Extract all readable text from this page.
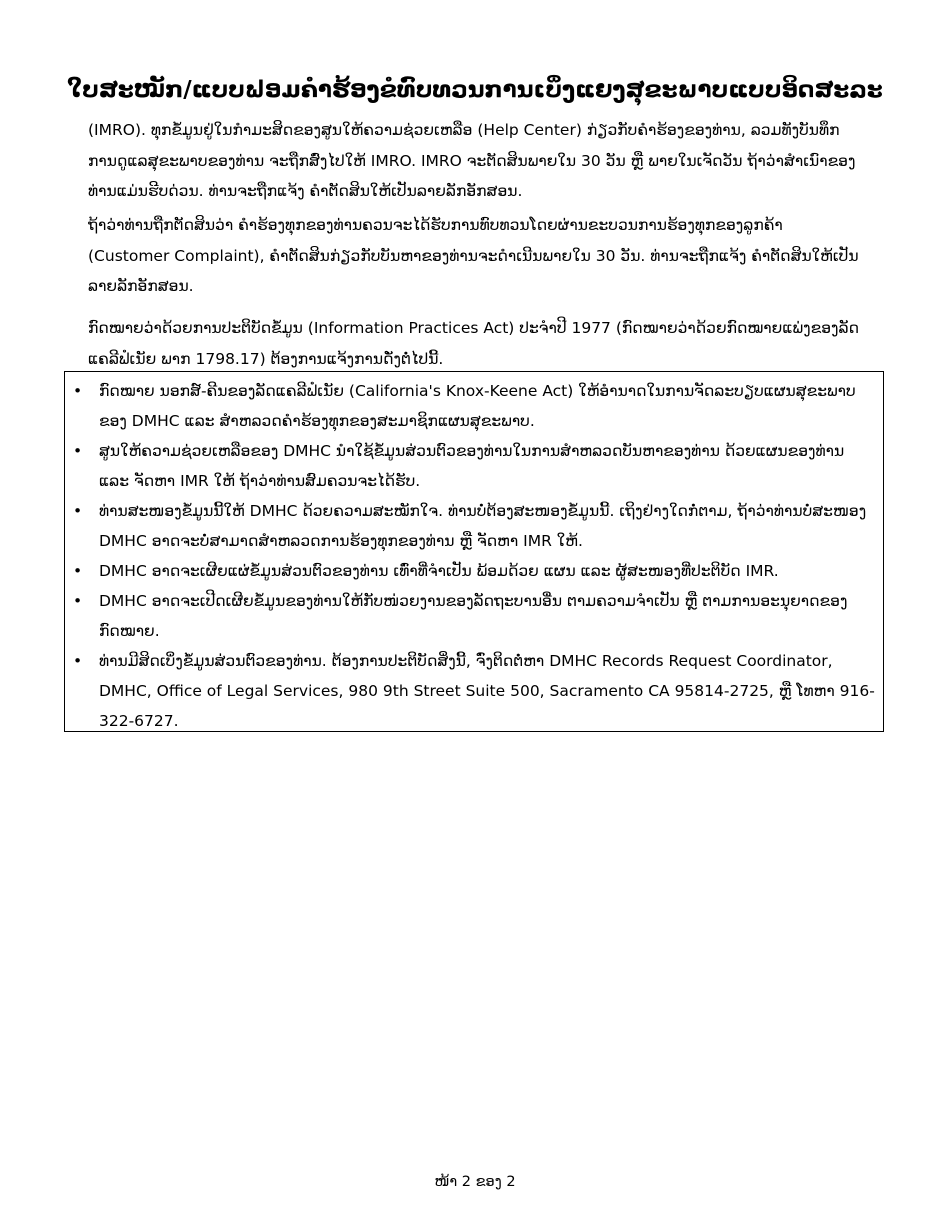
ໃບສະໝັກ/ແບບຟອມຄຳຮ້ອງຂໍທົບທວນການເບິ່ງແຍງສຸຂະພາບແບບອິດສະລະ

(IMRO). ທຸກຂໍ້ມູນຢູ່ໃນກຳມະສິດຂອງສູນໃຫ້ຄວາມຊ່ວຍເຫລືອ (Help Center) ກ່ຽວກັບຄຳຮ້ອງຂອງທ່ານ, ລວມທັງບັນທຶກການດູແລສຸຂະພາບຂອງທ່ານ ຈະຖືກສົ່ງໄປໃຫ້ IMRO. IMRO ຈະຕັດສິນພາຍໃນ 30 ວັນ ຫຼື ພາຍໃນເຈັດວັນ ຖ້າວ່າສຳເນົາຂອງທ່ານແມ່ນຮີບດ່ວນ. ທ່ານຈະຖືກແຈ້ງ ຄຳຕັດສິນໃຫ້ເປັນລາຍລັກອັກສອນ.

ຖ້າວ່າທ່ານຖືກຕັດສິນວ່າ ຄຳຮ້ອງທຸກຂອງທ່ານຄວນຈະໄດ້ຮັບການທົບທວນໂດຍຜ່ານຂະບວນການຮ້ອງທຸກຂອງລູກຄ້າ (Customer Complaint), ຄຳຕັດສິນກ່ຽວກັບບັນຫາຂອງທ່ານຈະດຳເນີນພາຍໃນ 30 ວັນ. ທ່ານຈະຖືກແຈ້ງ ຄຳຕັດສິນໃຫ້ເປັນລາຍລັກອັກສອນ.

ກົດໝາຍວ່າດ້ວຍການປະຕິບັດຂໍ້ມູນ (Information Practices Act) ປະຈຳປີ 1977 (ກົດໝາຍວ່າດ້ວຍກົດໝາຍແພ່ງຂອງລັດແຄລີຟໍເນັຍ ພາກ 1798.17) ຕ້ອງການແຈ້ງການດັ່ງຕໍ່ໄປນີ້.

• ກົດໝາຍ ນອກສ໌-ຄີນຂອງລັດແຄລີຟໍເນັຍ (California's Knox-Keene Act) ໃຫ້ອຳນາດໃນການຈັດລະບຽບແຜນສຸຂະພາບຂອງ DMHC ແລະ ສຳຫລວດຄຳຮ້ອງທຸກຂອງສະມາຊິກແຜນສຸຂະພາບ.
• ສູນໃຫ້ຄວາມຊ່ວຍເຫລືອຂອງ DMHC ນຳໃຊ້ຂໍ້ມູນສ່ວນຕົວຂອງທ່ານໃນການສຳຫລວດບັນຫາຂອງທ່ານ ດ້ວຍແຜນຂອງທ່ານ ແລະ ຈັດຫາ IMR ໃຫ້ ຖ້າວ່າທ່ານສົມຄວນຈະໄດ້ຮັບ.
• ທ່ານສະໜອງຂໍ້ມູນນີ້ໃຫ້ DMHC ດ້ວຍຄວາມສະໝັກໃຈ. ທ່ານບໍ່ຕ້ອງສະໜອງຂໍ້ມູນນີ້. ເຖິງຢ່າງໃດກໍ່ຕາມ, ຖ້າວ່າທ່ານບໍ່ສະໜອງ DMHC ອາດຈະບໍ່ສາມາດສຳຫລວດການຮ້ອງທຸກຂອງທ່ານ ຫຼື ຈັດຫາ IMR ໃຫ້.
• DMHC ອາດຈະເຜີຍແຜ່ຂໍ້ມູນສ່ວນຕົວຂອງທ່ານ ເທົ່າທີ່ຈຳເປັນ ພ້ອມດ້ວຍ ແຜນ ແລະ ຜູ້ສະໜອງທີ່ປະຕິບັດ IMR.
• DMHC ອາດຈະເປີດເຜີຍຂໍ້ມູນຂອງທ່ານໃຫ້ກັບໜ່ວຍງານຂອງລັດຖະບານອື່ນ ຕາມຄວາມຈຳເປັນ ຫຼື ຕາມການອະນຸຍາດຂອງກົດໝາຍ.
• ທ່ານມີສິດເບິ່ງຂໍ້ມູນສ່ວນຕົວຂອງທ່ານ. ຕ້ອງການປະຕິບັດສິ່ງນີ້, ຈົ່ງຕິດຕໍ່ຫາ DMHC Records Request Coordinator, DMHC, Office of Legal Services, 980 9th Street Suite 500, Sacramento CA 95814-2725, ຫຼື ໂທຫາ 916-322-6727.
ໜ້າ 2 ຂອງ 2
